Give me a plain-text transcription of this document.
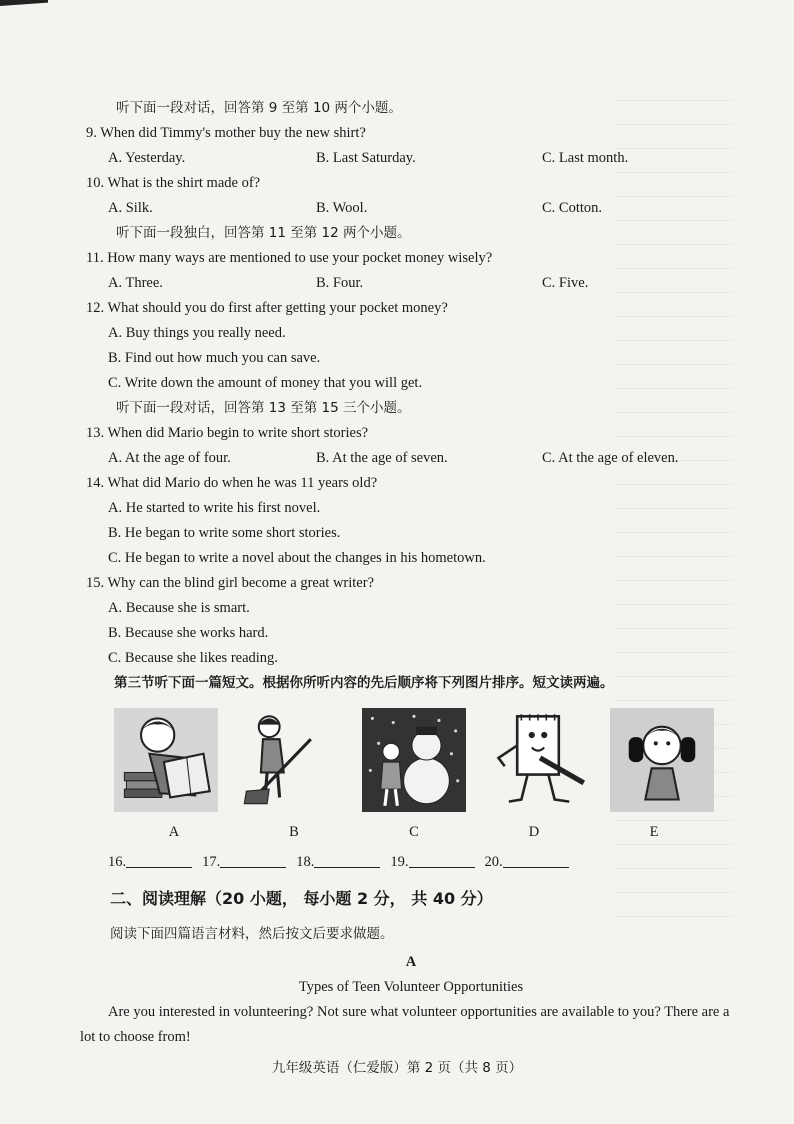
听下面一段对话，回答第 9 至第 10 两个小题。
9. When did Timmy's mother buy the new shirt?
A. Yesterday.	B. Last Saturday.	C. Last month.
10. What is the shirt made of?
A. Silk.	B. Wool.	C. Cotton.
听下面一段独白，回答第 11 至第 12 两个小题。
11. How many ways are mentioned to use your pocket money wisely?
A. Three.	B. Four.	C. Five.
12. What should you do first after getting your pocket money?
A. Buy things you really need.
B. Find out how much you can save.
C. Write down the amount of money that you will get.
听下面一段对话，回答第 13 至第 15 三个小题。
13. When did Mario begin to write short stories?
A. At the age of four.	B. At the age of seven.	C. At the age of eleven.
14. What did Mario do when he was 11 years old?
A. He started to write his first novel.
B. He began to write some short stories.
C. He began to write a novel about the changes in his hometown.
15. Why can the blind girl become a great writer?
A. Because she is smart.
B. Because she works hard.
C. Because she likes reading.
第三节听下面一篇短文。根据你所听内容的先后顺序将下列图片排序。短文读两遍。
A	B	C	D	E
16.	17.	18.	19.	20.
二、阅读理解（20 小题， 每小题 2 分， 共 40 分）
阅读下面四篇语言材料，然后按文后要求做题。
A
Types of Teen Volunteer Opportunities
Are you interested in volunteering? Not sure what volunteer opportunities are available to you? There are a lot to choose from!
九年级英语（仁爱版）第 2 页（共 8 页）
